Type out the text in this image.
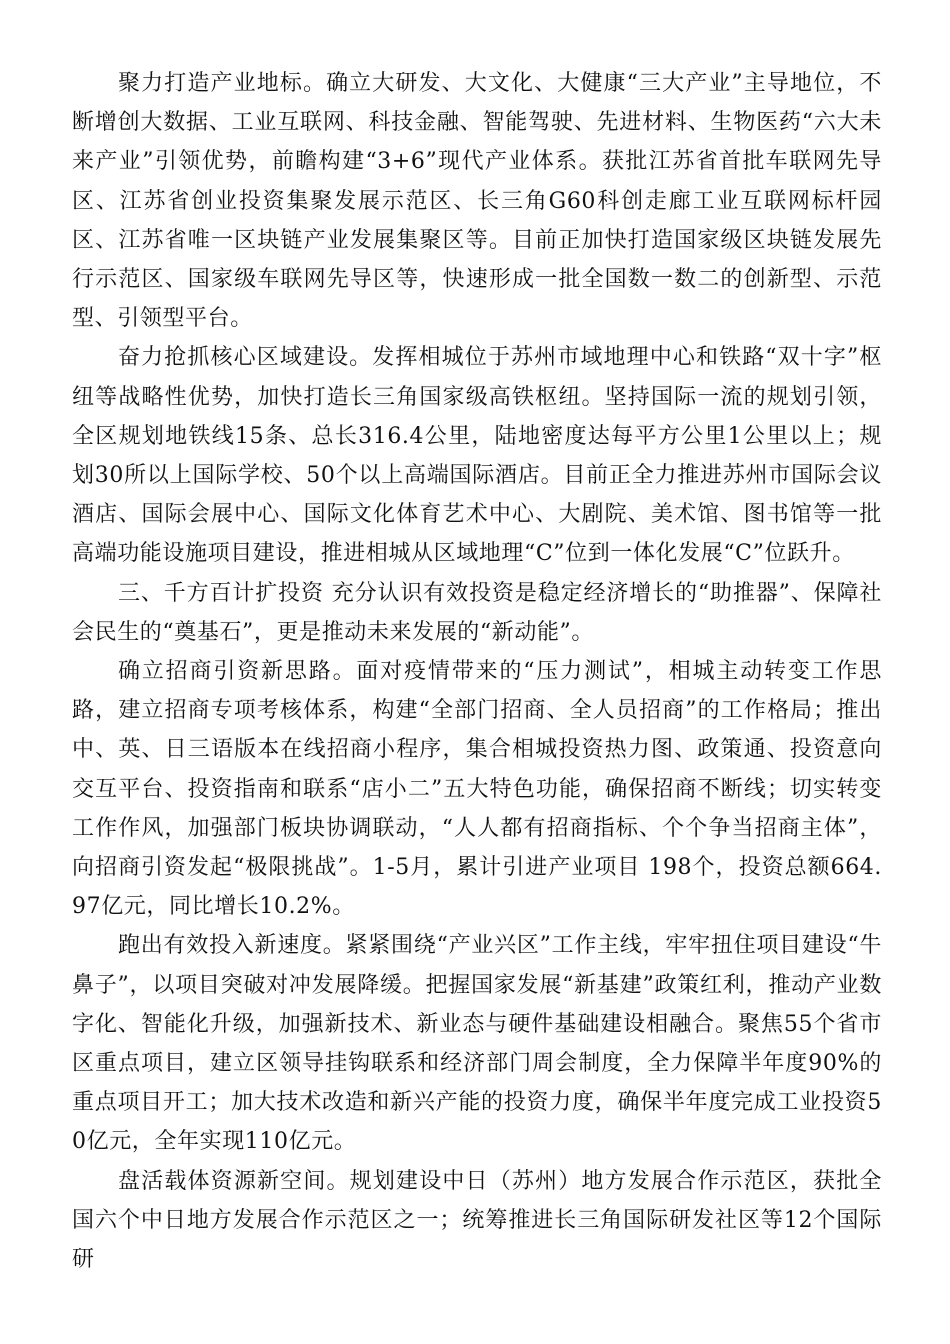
聚力打造产业地标。确立大研发、大文化、大健康“三大产业”主导地位，不断增创大数据、工业互联网、科技金融、智能驾驶、先进材料、生物医药“六大未来产业”引领优势，前瞻构建“3+6”现代产业体系。获批江苏省首批车联网先导区、江苏省创业投资集聚发展示范区、长三角G60科创走廊工业互联网标杆园区、江苏省唯一区块链产业发展集聚区等。目前正加快打造国家级区块链发展先行示范区、国家级车联网先导区等，快速形成一批全国数一数二的创新型、示范型、引领型平台。

奋力抢抓核心区域建设。发挥相城位于苏州市域地理中心和铁路“双十字”枢纽等战略性优势，加快打造长三角国家级高铁枢纽。坚持国际一流的规划引领，全区规划地铁线15条、总长316.4公里，陆地密度达每平方公里1公里以上；规划30所以上国际学校、50个以上高端国际酒店。目前正全力推进苏州市国际会议酒店、国际会展中心、国际文化体育艺术中心、大剧院、美术馆、图书馆等一批高端功能设施项目建设，推进相城从区域地理“C”位到一体化发展“C”位跃升。

三、千方百计扩投资 充分认识有效投资是稳定经济增长的“助推器”、保障社会民生的“奠基石”，更是推动未来发展的“新动能”。

确立招商引资新思路。面对疫情带来的“压力测试”，相城主动转变工作思路，建立招商专项考核体系，构建“全部门招商、全人员招商”的工作格局；推出中、英、日三语版本在线招商小程序，集合相城投资热力图、政策通、投资意向交互平台、投资指南和联系“店小二”五大特色功能，确保招商不断线；切实转变工作作风，加强部门板块协调联动，“人人都有招商指标、个个争当招商主体”，向招商引资发起“极限挑战”。1-5月，累计引进产业项目 198个，投资总额664.97亿元，同比增长10.2%。

跑出有效投入新速度。紧紧围绕“产业兴区”工作主线，牢牢扭住项目建设“牛鼻子”，以项目突破对冲发展降缓。把握国家发展“新基建”政策红利，推动产业数字化、智能化升级，加强新技术、新业态与硬件基础建设相融合。聚焦55个省市区重点项目，建立区领导挂钩联系和经济部门周会制度，全力保障半年度90%的重点项目开工；加大技术改造和新兴产能的投资力度，确保半年度完成工业投资50亿元，全年实现110亿元。

盘活载体资源新空间。规划建设中日（苏州）地方发展合作示范区，获批全国六个中日地方发展合作示范区之一；统筹推进长三角国际研发社区等12个国际研
